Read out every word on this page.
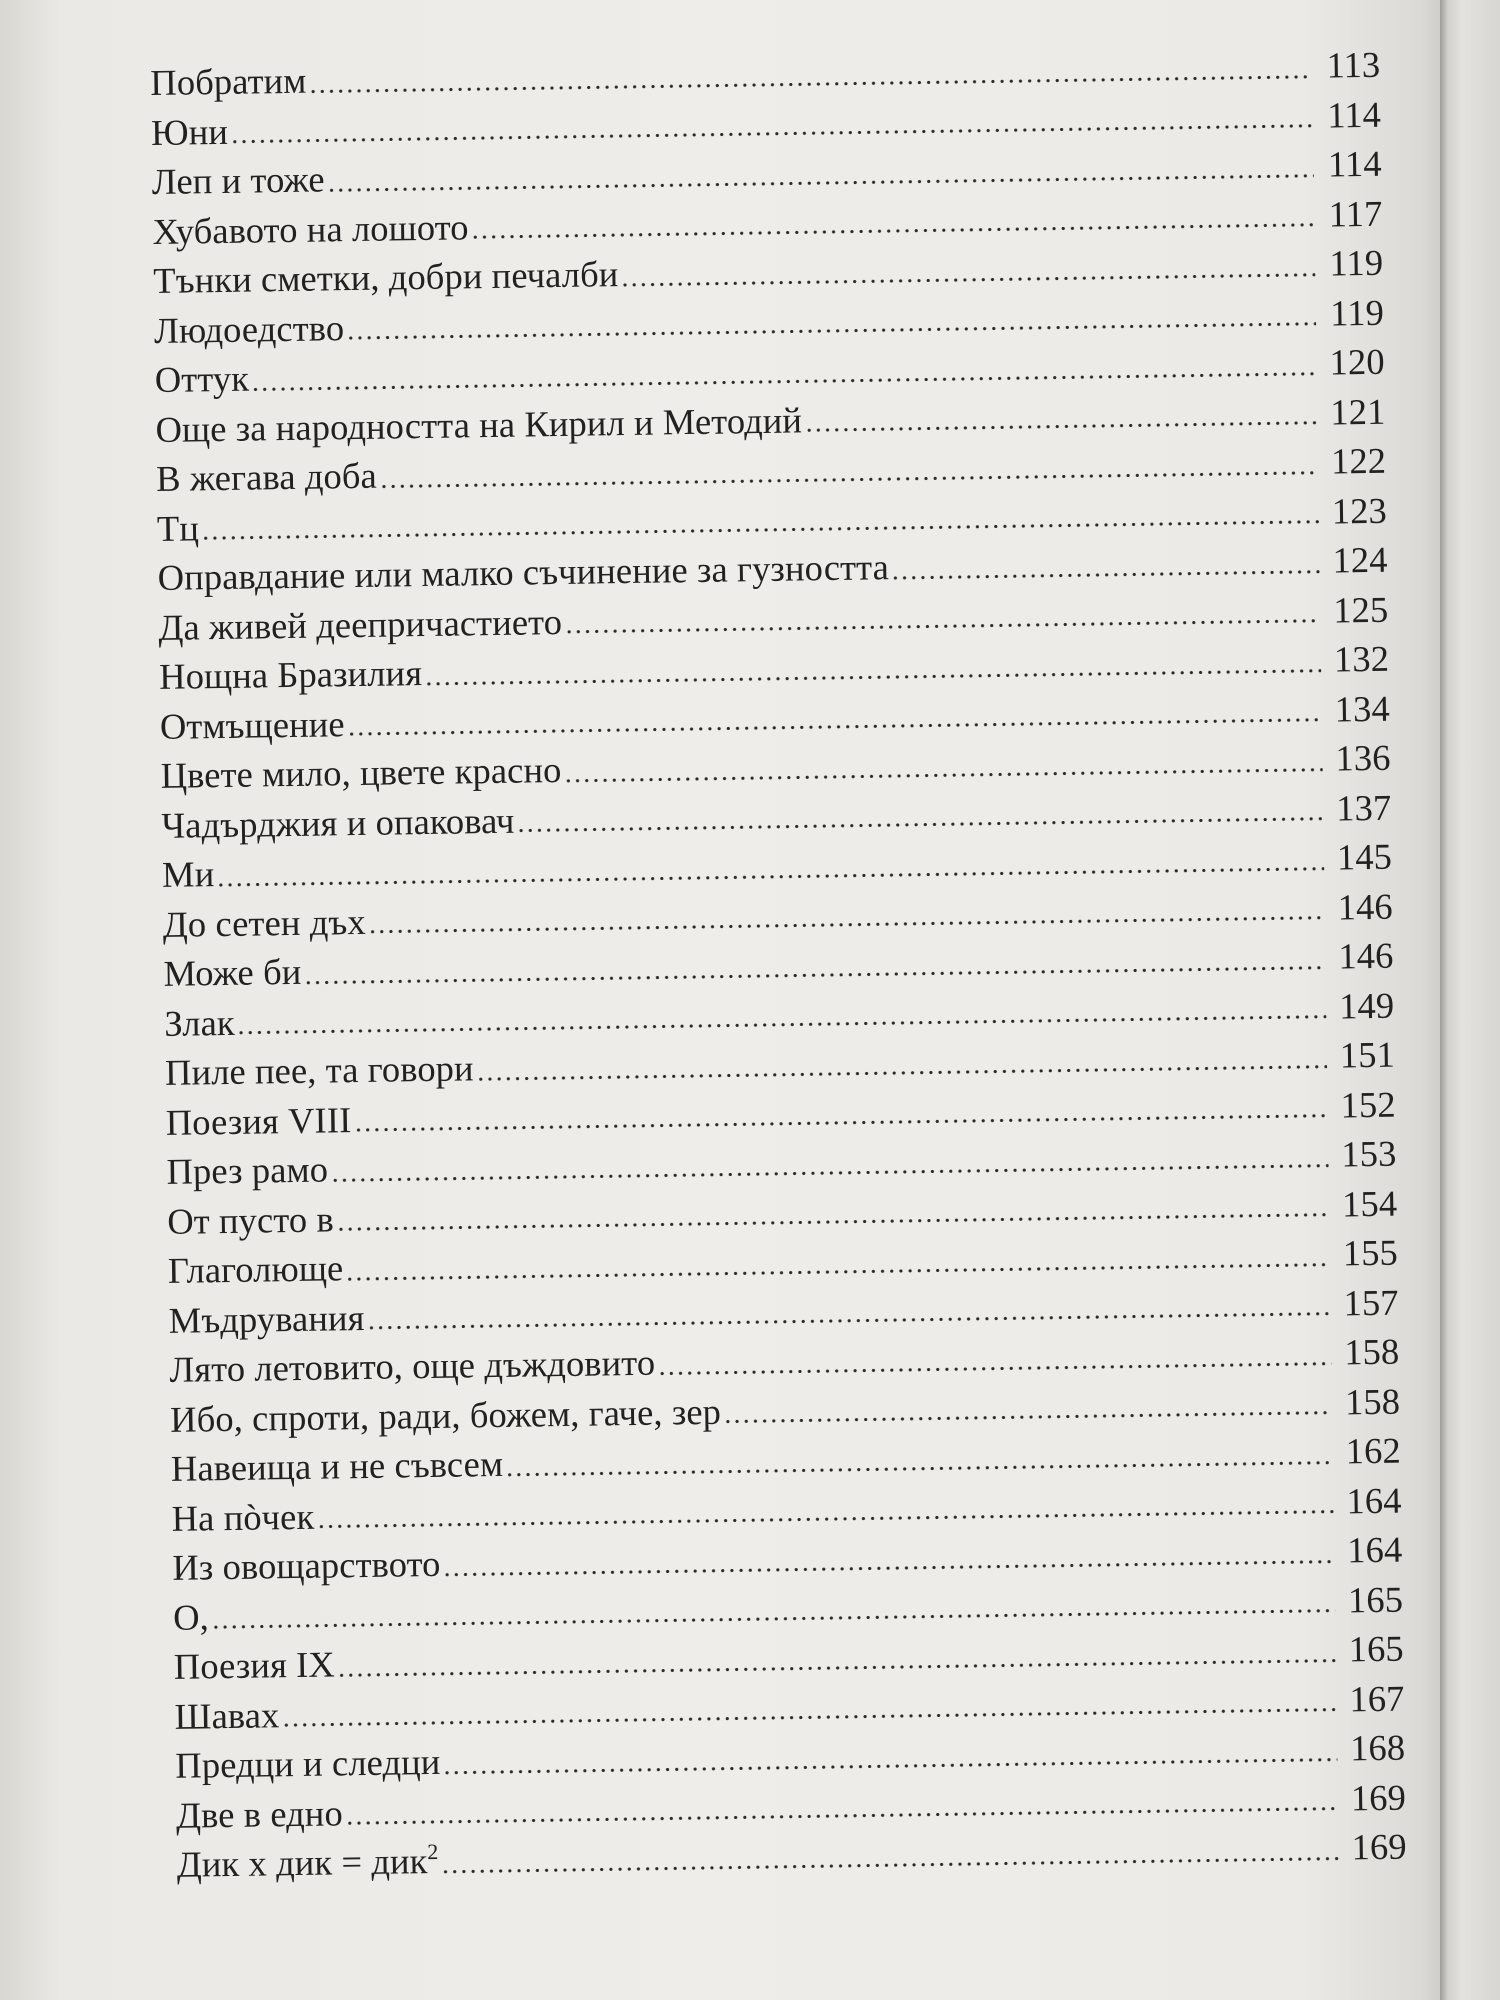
Побратим	113
Юни	114
Леп и тоже	114
Хубавото на лошото	117
Тънки сметки, добри печалби	119
Людоедство	119
Оттук	120
Още за народността на Кирил и Методий	121
В жегава доба	122
Тц	123
Оправдание или малко съчинение за гузността	124
Да живей деепричастието	125
Нощна Бразилия	132
Отмъщение	134
Цвете мило, цвете красно	136
Чадърджия и опаковач	137
Ми	145
До сетен дъх	146
Може би	146
Злак	149
Пиле пее, та говори	151
Поезия VIII	152
През рамо	153
От пусто в	154
Глаголюще	155
Мъдрувания	157
Лято летовито, още дъждовито	158
Ибо, спроти, ради, божем, гаче, зер	158
Навеища и не съвсем	162
На пòчек	164
Из овощарството	164
О,	165
Поезия IX	165
Шавах	167
Предци и следци	168
Две в едно	169
Дик х дик = дик$^2$	169
